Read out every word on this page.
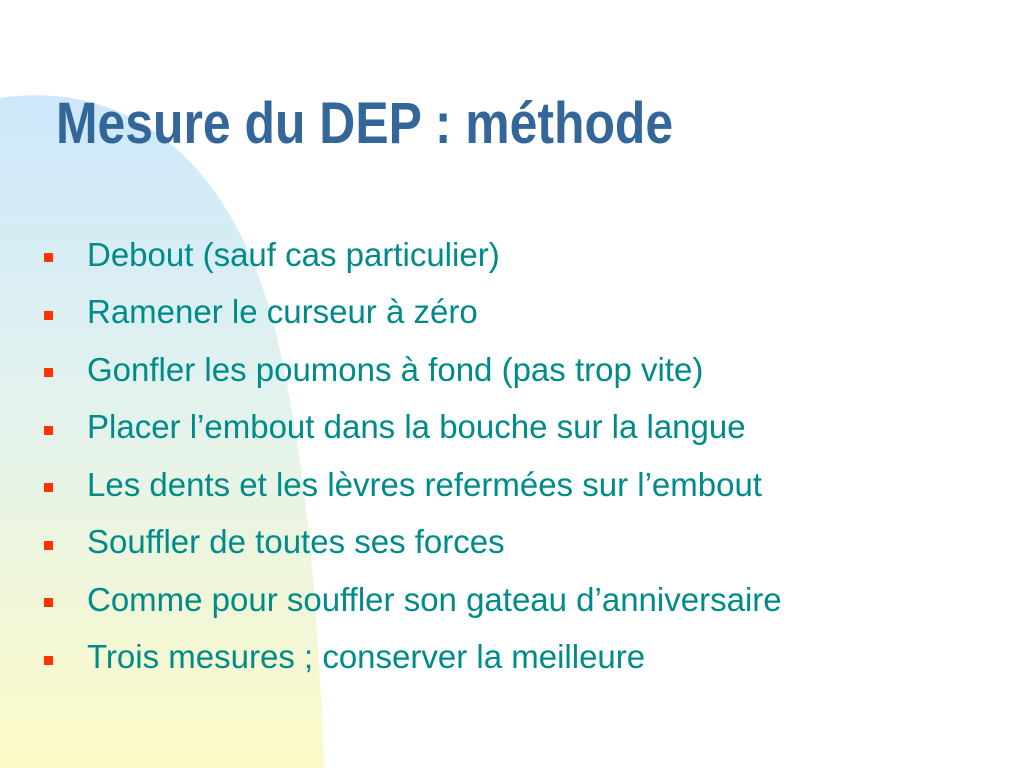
Mesure du DEP : méthode
Debout (sauf cas particulier)
Ramener le curseur à zéro
Gonfler les poumons à fond (pas trop vite)
Placer l’embout dans la bouche sur la langue
Les dents et les lèvres refermées sur l’embout
Souffler de toutes ses forces
Comme pour souffler son gateau d’anniversaire
Trois mesures ; conserver la meilleure
